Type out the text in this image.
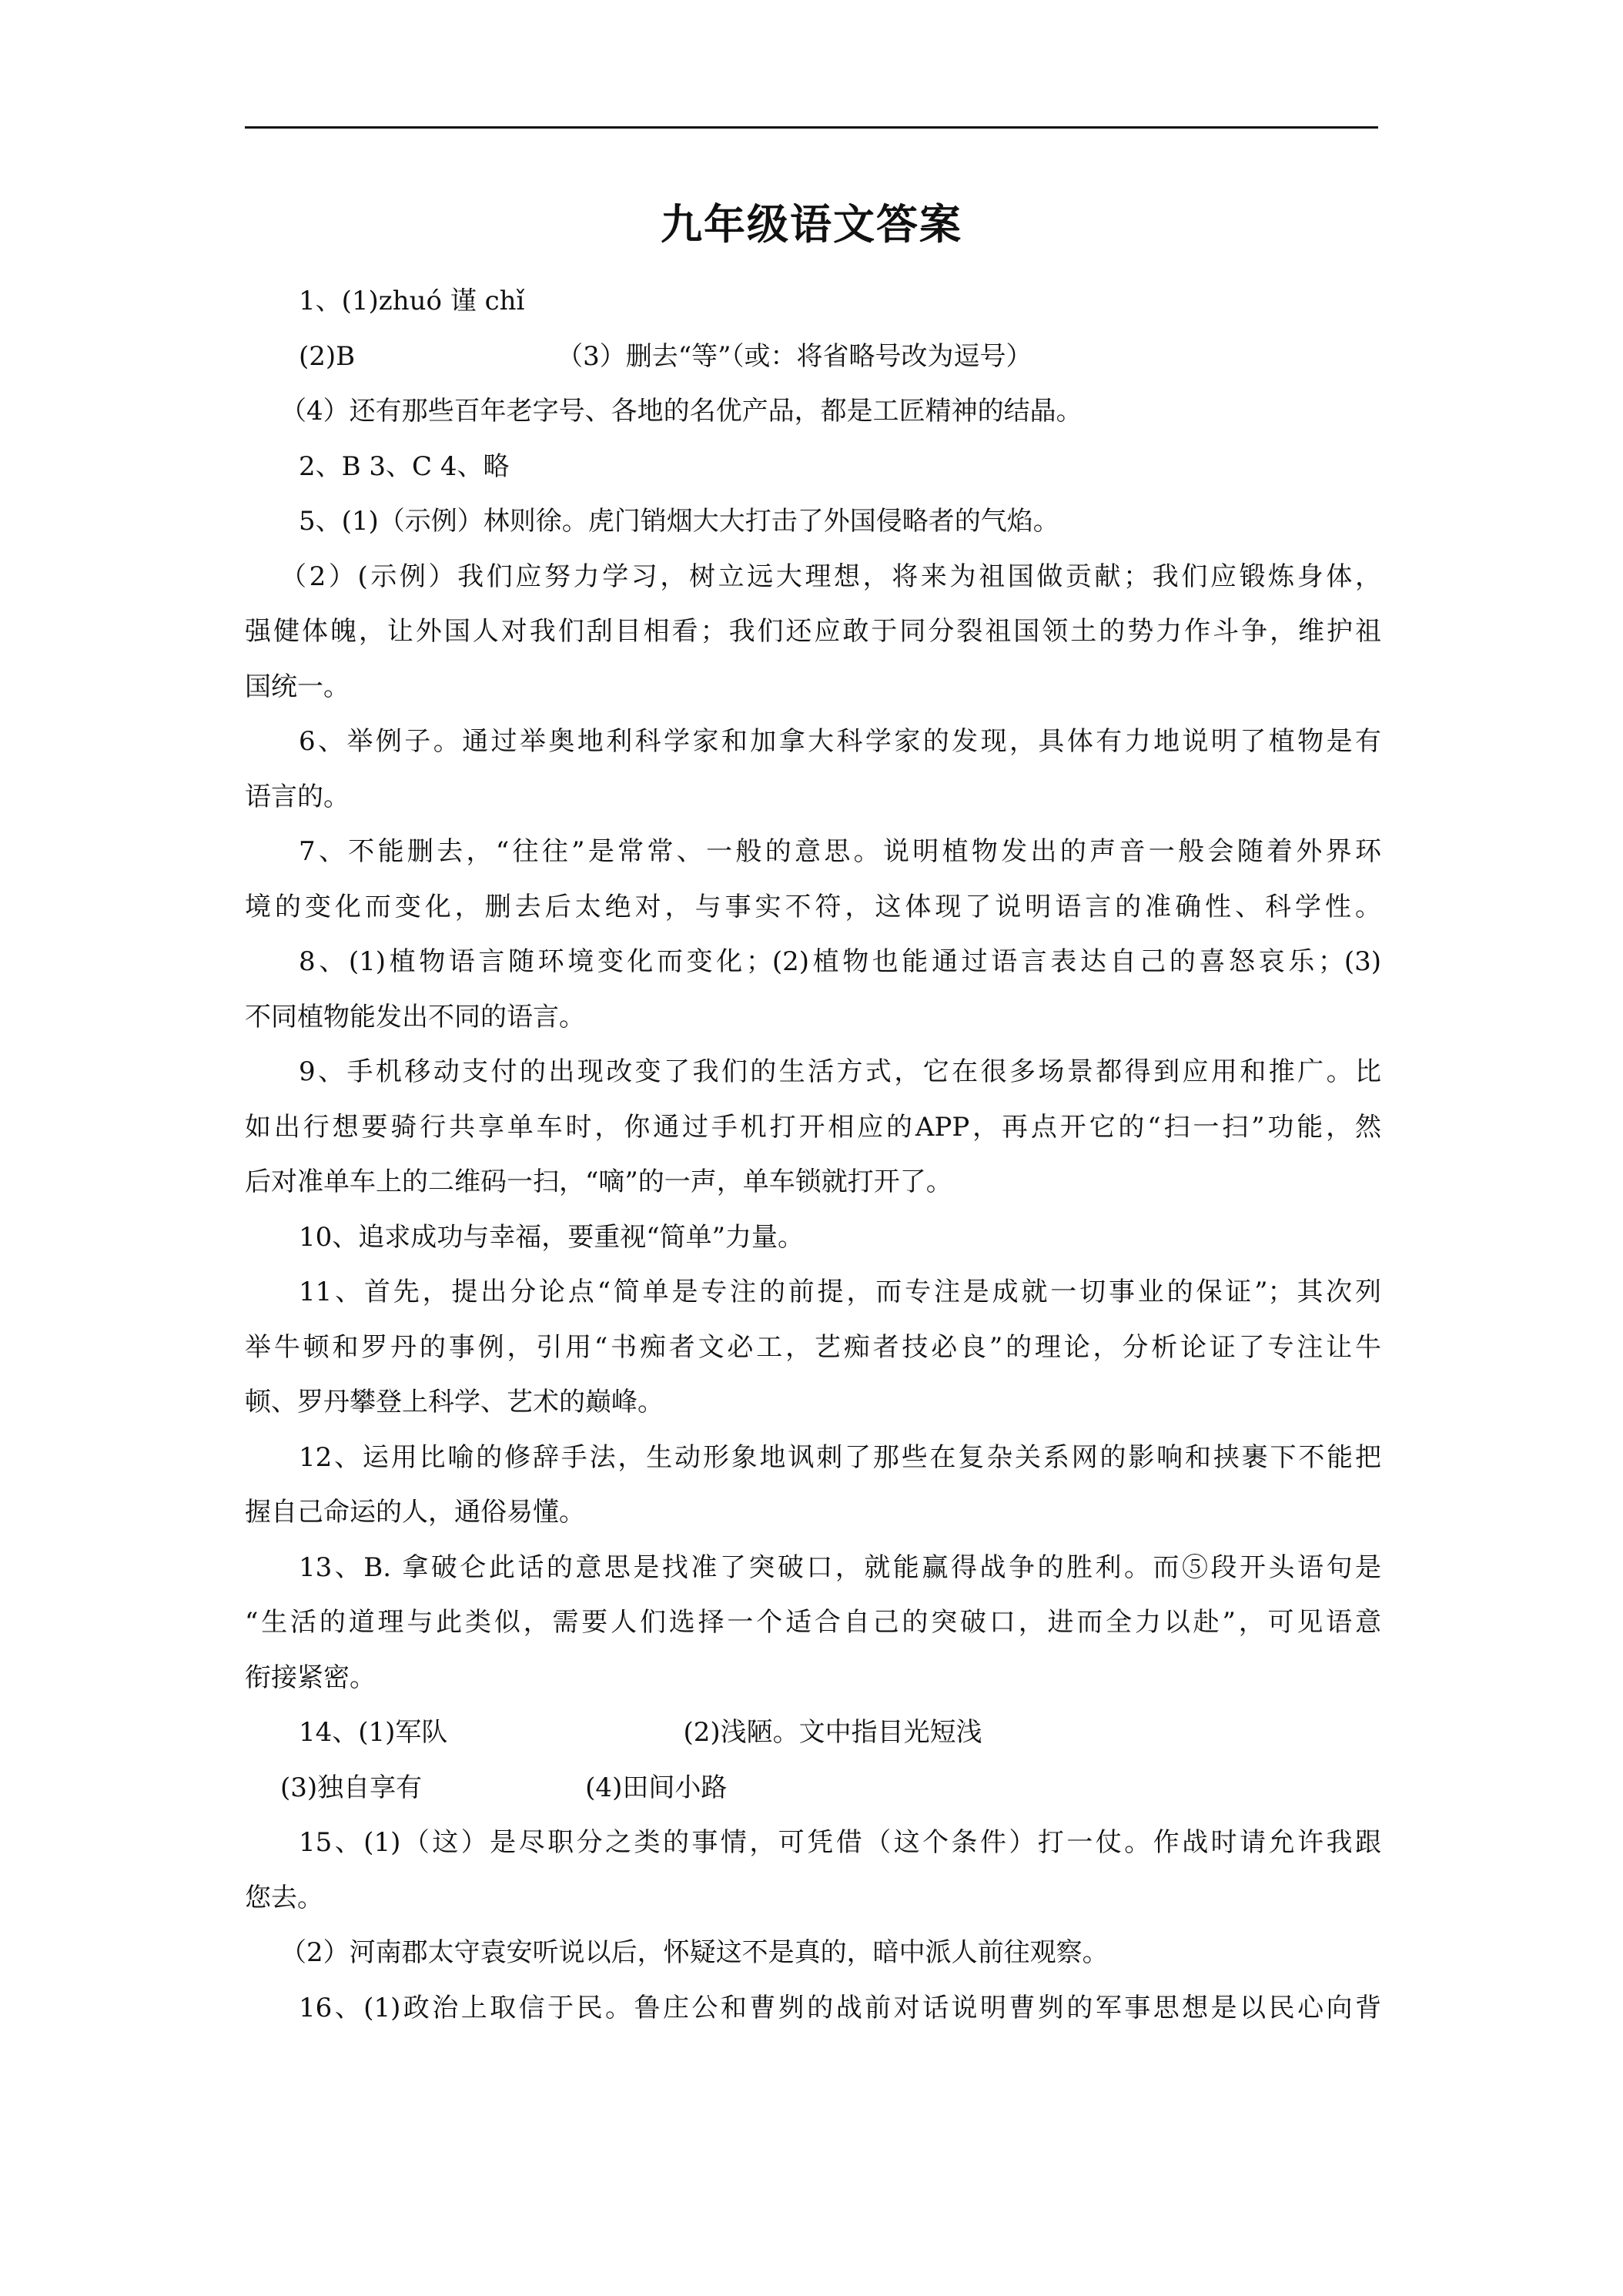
九年级语文答案
1、(1)zhuó 谨 chǐ
(2)B	（3）删去“等”（或：将省略号改为逗号）
（4）还有那些百年老字号、各地的名优产品，都是工匠精神的结晶。
2、B 3、C 4、略
5、(1)（示例）林则徐。虎门销烟大大打击了外国侵略者的气焰。
（2）(示例）我们应努力学习，树立远大理想，将来为祖国做贡献；我们应锻炼身体，
强健体魄，让外国人对我们刮目相看；我们还应敢于同分裂祖国领土的势力作斗争，维护祖
国统一。
6、举例子。通过举奥地利科学家和加拿大科学家的发现，具体有力地说明了植物是有
语言的。
7、不能删去，“往往”是常常、一般的意思。说明植物发出的声音一般会随着外界环
境的变化而变化，删去后太绝对，与事实不符，这体现了说明语言的准确性、科学性。
8、(1)植物语言随环境变化而变化；(2)植物也能通过语言表达自己的喜怒哀乐；(3)
不同植物能发出不同的语言。
9、手机移动支付的出现改变了我们的生活方式，它在很多场景都得到应用和推广。比
如出行想要骑行共享单车时，你通过手机打开相应的APP，再点开它的“扫一扫”功能，然
后对准单车上的二维码一扫，“嘀”的一声，单车锁就打开了。
10、追求成功与幸福，要重视“简单”力量。
11、首先，提出分论点“简单是专注的前提，而专注是成就一切事业的保证”；其次列
举牛顿和罗丹的事例，引用“书痴者文必工，艺痴者技必良”的理论，分析论证了专注让牛
顿、罗丹攀登上科学、艺术的巅峰。
12、运用比喻的修辞手法，生动形象地讽刺了那些在复杂关系网的影响和挟裹下不能把
握自己命运的人，通俗易懂。
13、B. 拿破仑此话的意思是找准了突破口，就能赢得战争的胜利。而⑤段开头语句是
“生活的道理与此类似，需要人们选择一个适合自己的突破口，进而全力以赴”，可见语意
衔接紧密。
14、(1)军队	(2)浅陋。文中指目光短浅
(3)独自享有	(4)田间小路
15、(1)（这）是尽职分之类的事情，可凭借（这个条件）打一仗。作战时请允许我跟
您去。
（2）河南郡太守袁安听说以后，怀疑这不是真的，暗中派人前往观察。
16、(1)政治上取信于民。鲁庄公和曹刿的战前对话说明曹刿的军事思想是以民心向背
